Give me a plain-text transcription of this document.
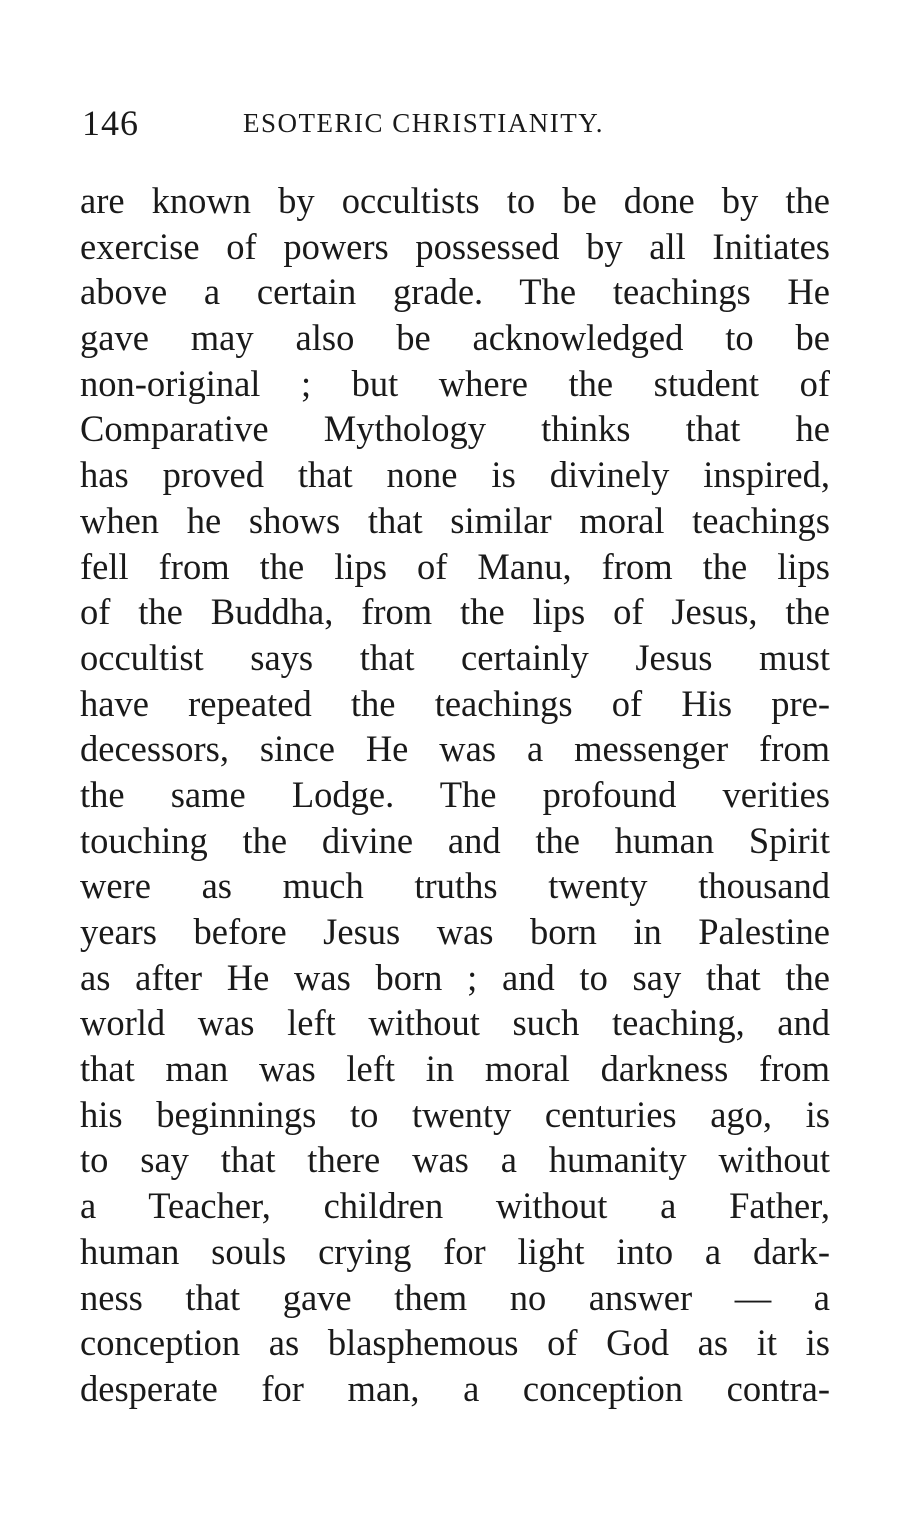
146	ESOTERIC CHRISTIANITY.
are known by occultists to be done by the
exercise of powers possessed by all Initiates
above a certain grade. The teachings He
gave may also be acknowledged to be
non-original ; but where the student of
Comparative Mythology thinks that he
has proved that none is divinely inspired,
when he shows that similar moral teachings
fell from the lips of Manu, from the lips
of the Buddha, from the lips of Jesus, the
occultist says that certainly Jesus must
have repeated the teachings of His pre-
decessors, since He was a messenger from
the same Lodge. The profound verities
touching the divine and the human Spirit
were as much truths twenty thousand
years before Jesus was born in Palestine
as after He was born ; and to say that the
world was left without such teaching, and
that man was left in moral darkness from
his beginnings to twenty centuries ago, is
to say that there was a humanity without
a Teacher, children without a Father,
human souls crying for light into a dark-
ness that gave them no answer — a
conception as blasphemous of God as it is
desperate for man, a conception contra-
